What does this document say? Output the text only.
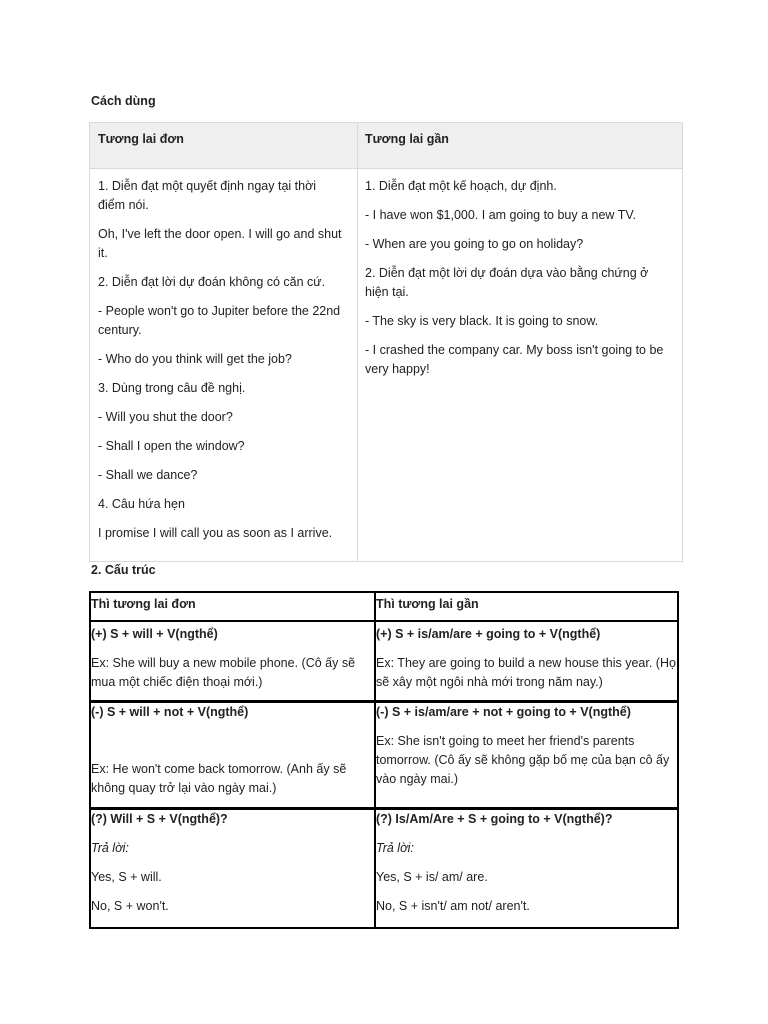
Cách dùng
Tương lai đơn	Tương lai gần

1. Diễn đạt một quyết định ngay tại thời điểm nói.

Oh, I've left the door open. I will go and shut it.

2. Diễn đạt lời dự đoán không có căn cứ.

- People won't go to Jupiter before the 22nd century.

- Who do you think will get the job?

3. Dùng trong câu đề nghị.

- Will you shut the door?

- Shall I open the window?

- Shall we dance?

4. Câu hứa hẹn

I promise I will call you as soon as I arrive.

1. Diễn đạt một kế hoạch, dự định.

- I have won $1,000. I am going to buy a new TV.

- When are you going to go on holiday?

2. Diễn đạt một lời dự đoán dựa vào bằng chứng ở hiện tại.

- The sky is very black. It is going to snow.

- I crashed the company car. My boss isn't going to be very happy!

2. Cấu trúc
Thì tương lai đơn	Thì tương lai gần

(+) S + will + V(ngthể)

Ex: She will buy a new mobile phone. (Cô ấy sẽ mua một chiếc điện thoại mới.)

(+) S + is/am/are + going to + V(ngthể)

Ex: They are going to build a new house this year. (Họ sẽ xây một ngôi nhà mới trong năm nay.)

(-) S + will + not + V(ngthể)

Ex: He won't come back tomorrow. (Anh ấy sẽ không quay trở lại vào ngày mai.)

(-) S + is/am/are + not + going to + V(ngthể)

Ex: She isn't going to meet her friend's parents tomorrow. (Cô ấy sẽ không gặp bố mẹ của bạn cô ấy vào ngày mai.)

(?) Will + S + V(ngthể)?

Trả lời:

Yes, S + will.

No, S + won't.

(?) Is/Am/Are + S + going to + V(ngthể)?

Trả lời:

Yes, S + is/ am/ are.

No, S + isn't/ am not/ aren't.
